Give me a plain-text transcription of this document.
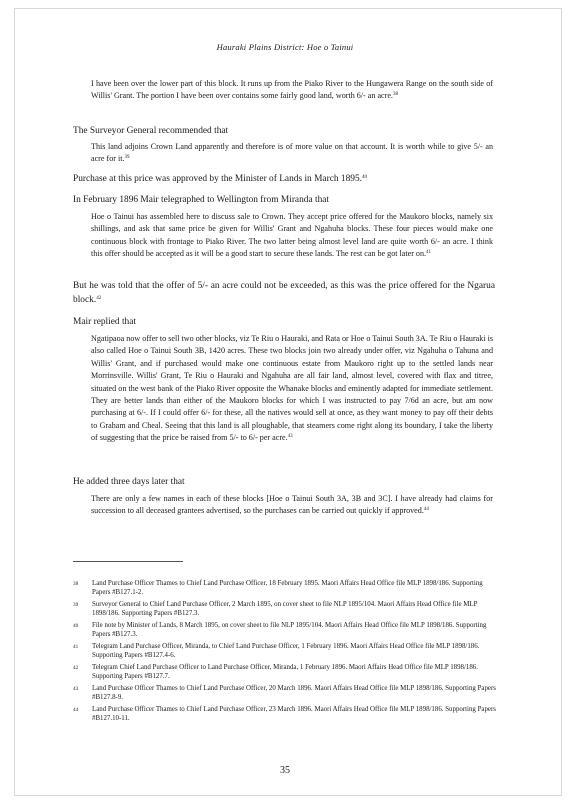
Hauraki Plains District: Hoe o Tainui

I have been over the lower part of this block. It runs up from the Piako River to the Hungawera Range on the south side of Willis' Grant. The portion I have been over contains some fairly good land, worth 6/- an acre.$^{38}$

The Surveyor General recommended that

This land adjoins Crown Land apparently and therefore is of more value on that account. It is worth while to give 5/- an acre for it.$^{39}$

Purchase at this price was approved by the Minister of Lands in March 1895.40

In February 1896 Mair telegraphed to Wellington from Miranda that

Hoe o Tainui has assembled here to discuss sale to Crown. They accept price offered for the Maukoro blocks, namely six shillings, and ask that same price be given for Willis' Grant and Ngahuha blocks. These four pieces would make one continuous block with frontage to Piako River. The two latter being almost level land are quite worth 6/- an acre. I think this offer should be accepted as it will be a good start to secure these lands. The rest can be got later on.$^{41}$

But he was told that the offer of 5/- an acre could not be exceeded, as this was the price offered for the Ngarua block.$^{42}$

Mair replied that

Ngatipaoa now offer to sell two other blocks, viz Te Riu o Hauraki, and Rata or Hoe o Tainui South 3A. Te Riu o Hauraki is also called Hoe o Tainui South 3B, 1420 acres. These two blocks join two already under offer, viz Ngahuha o Tahuna and Willis' Grant, and if purchased would make one continuous estate from Maukoro right up to the settled lands near Morrinsville. Willis' Grant, Te Riu o Hauraki and Ngahuha are all fair land, almost level, covered with flax and titree, situated on the west bank of the Piako River opposite the Whanake blocks and eminently adapted for immediate settlement. They are better lands than either of the Maukoro blocks for which I was instructed to pay 7/6d an acre, but am now purchasing at 6/-. If I could offer 6/- for these, all the natives would sell at once, as they want money to pay off their debts to Graham and Cheal. Seeing that this land is all ploughable, that steamers come right along its boundary, I take the liberty of suggesting that the price be raised from 5/- to 6/- per acre.$^{43}$

He added three days later that

There are only a few names in each of these blocks [Hoe o Tainui South 3A, 3B and 3C]. I have already had claims for succession to all deceased grantees advertised, so the purchases can be carried out quickly if approved.$^{44}$

38	Land Purchase Officer Thames to Chief Land Purchase Officer, 18 February 1895. Maori Affairs Head Office file MLP 1898/186. Supporting Papers #B127.1-2.
39	Surveyor General to Chief Land Purchase Officer, 2 March 1895, on cover sheet to file NLP 1895/104. Maori Affairs Head Office file MLP 1898/186. Supporting Papers #B127.3.
40	File note by Minister of Lands, 8 March 1895, on cover sheet to file NLP 1895/104. Maori Affairs Head Office file MLP 1898/186. Supporting Papers #B127.3.
41	Telegram Land Purchase Officer, Miranda, to Chief Land Purchase Officer, 1 February 1896. Maori Affairs Head Office file MLP 1898/186. Supporting Papers #B127.4-6.
42	Telegram Chief Land Purchase Officer to Land Purchase Officer, Miranda, 1 February 1896. Maori Affairs Head Office file MLP 1898/186. Supporting Papers #B127.7.
43	Land Purchase Officer Thames to Chief Land Purchase Officer, 20 March 1896. Maori Affairs Head Office file MLP 1898/186. Supporting Papers #B127.8-9.
44	Land Purchase Officer Thames to Chief Land Purchase Officer, 23 March 1896. Maori Affairs Head Office file MLP 1898/186. Supporting Papers #B127.10-11.
35
